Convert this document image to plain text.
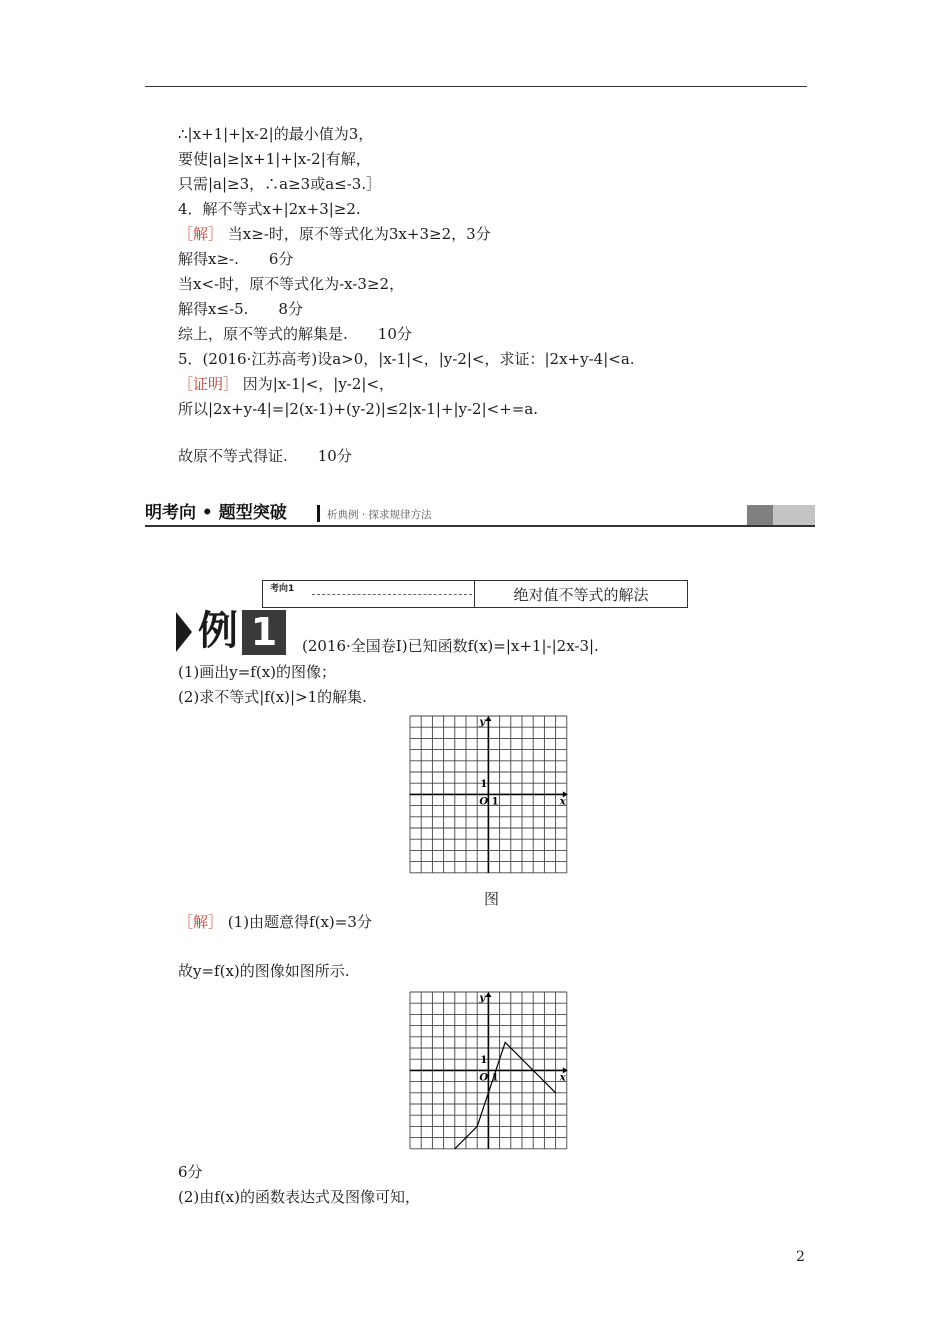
∴|x+1|+|x-2|的最小值为3，
要使|a|≥|x+1|+|x-2|有解，
只需|a|≥3，∴a≥3或a≤-3.］
4．解不等式x+|2x+3|≥2.
［解］ 当x≥-时，原不等式化为3x+3≥2，3分
解得x≥-.　　6分
当x<-时，原不等式化为-x-3≥2，
解得x≤-5.　　8分
综上，原不等式的解集是.　　10分
5．(2016·江苏高考)设a>0，|x-1|<，|y-2|<，求证：|2x+y-4|<a.
［证明］ 因为|x-1|<，|y-2|<，
所以|2x+y-4|=|2(x-1)+(y-2)|≤2|x-1|+|y-2|<+=a.
故原不等式得证.　　10分
明考向 • 题型突破	析典例 · 探求规律方法
考向1	绝对值不等式的解法
例 1	(2016·全国卷Ⅰ)已知函数f(x)=|x+1|-|2x-3|.
(1)画出y=f(x)的图像；
(2)求不等式|f(x)|>1的解集.
y
x
O 1
1
图
［解］ (1)由题意得f(x)=3分
故y=f(x)的图像如图所示.
y
x
O 1
1
6分
(2)由f(x)的函数表达式及图像可知，
2
